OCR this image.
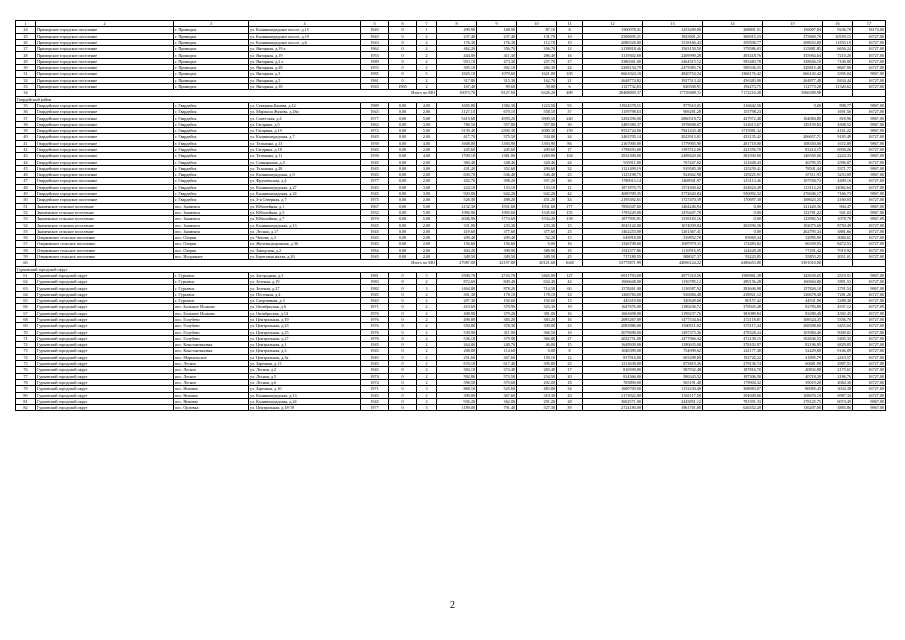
1	2	3	4	5	6	7	8	9	10	11	12	13	14	15	16	17
24	Приморское городское поселение	г. Приморск	ул. Калининградское шоссе, д.15	1945	0	1	299,90	168,90	87,10	8	1560078,41	1253269,06	268801,51	156007,84	9236,70	18174,00
25	Приморское городское поселение	г. Приморск	ул. Калининградское шоссе, д.19	1943	0	2	237,40	237,40	131,70	10	2506695,21	1825601,21	306915,33	375669,78	10559,15	16727,00
26	Приморское городское поселение	г. Приморск	ул. Калининградское шоссе, д.6	1943	0	2	176,30	176,30	112,70	10	2086528,00	1518166,43	359508,77	208652,80	11835,10	16727,00
27	Приморское городское поселение	г. Приморск	ул. Янтарная, д.19 а	1962	0	2	462,20	356,70	356,70	12	2158818,46	1563150,50	379586,03	215881,85	6656,24	16727,00
28	Приморское городское поселение	г. Приморск	ул. Янтарная, д.19	1953	0	2	444,00	411,30	286,40	16	3119302,68	2269999,28	493418,76	355964,64	7210,20	16727,00
29	Приморское городское поселение	г. Приморск	ул. Янтарная, д.2 а	1989	0	2	953,10	473,30	257,70	27	3386561,00	2464315,12	585483,78	338656,10	7100,00	16727,00
30	Приморское городское поселение	г. Приморск	ул. Янтарная, д.28	1955	0	2	395,10	392,10	266,30	24	3298154,79	2475983,76	589336,55	329815,48	8667,96	16727,00
31	Приморское городское поселение	г. Приморск	ул. Янтарная, д.3	1985	0	5	1825,10	1079,60	1621,00	105	6661024,18	4820754,34	1368176,42	666102,42	3395,04	9867,00
32	Приморское городское поселение	г. Приморск	ул. Янтарная, д.5	1961	0	2	317,80	315,30	162,70	21	2648774,82	1927513,42	456383,90	264877,48	8434,44	16727,00
33	Приморское городское поселение	г. Приморск	ул. Янтарная, д.18	1945	1965	2	167,40	99,60	59,80	6	1127732,83	820508,91	194273,75	112773,28	11320,62	16727,00
34	Итого по МО						10073,70	8127,60	6326,20	489	28468009,37	17729489,11	7172210,28	3566309,98		
Гвардейский район																
35	Гвардейское городское поселение	г. Гвардейск	ул. Северная Канава, д.12	1989	0,00	4,00	1605,80	1382,30	1223,50	93	11924578,51	977610,01	216642,56	0,00	898,77	9867,00
36	Гвардейское городское поселение	г. Гвардейск	ул. Маршала Жукова, д.26а	1945	0,00	2,00	1127,10	679,10	558,10	37	1159798,63	969281,28	155798,23		1691,56	16727,00
37	Гвардейское городское поселение	г. Гвардейск	ул. Советская, д.4	1977	0,00	5,00	5419,60	4959,20	3909,50	240	3292396,00	2860518,72	427972,48	164084,80	818,96	9867,00
38	Гвардейское городское поселение	г. Гвардейск	ул. Гагарина, д.5	1962	0,00	3,00	786,50	557,80	557,80	30	2485380,37	1978608,07	312613,67	129159,83	4308,52	9867,00
39	Гвардейское городское поселение	г. Гвардейск	ул. Гагарина, д.19	1972	0,00	5,00	3139,40	2390,30	2000,30	159	9552724,00	7841433,48	1715981,32		4161,22	9867,00
40	Гвардейское городское поселение	г. Гвардейск	ул. Калининградская, д.7	1945	0,00	2,00	417,70	375,50	334,00	24	2463705,14	2023913,01	433135,42	206657,71	9183,49	16727,00
41	Гвардейское городское поселение	г. Гвардейск	ул. Тельмана, д.13	1939	0,00	4,00	1608,00	1393,90	1393,90	86	2167000,00	1779905,90	281718,00	108350,00	1672,00	9867,00
42	Гвардейское городское поселение	г. Гвардейск	ул. Гагарина, д.18	1945	0,00	2,00	245,60	245,60	209,60	17	1798293,00	1397512,06	221556,70	83214,15	6930,26	16727,00
43	Гвардейское городское поселение	г. Гвардейск	ул. Тельмана, д.11	1939	0,00	4,00	1709,10	1381,80	1269,80	104	2932300,00	2408420,00	381030,00	146550,00	2224,33	9867,00
44	Гвардейское городское поселение	г. Гвардейск	ул. Совнаркома, д.5	1945	0,00	2,00	360,40	348,40	320,40	24	935911,00	767447,02	121648,43	46795,55	2596,87	16727,00
45	Гвардейское городское поселение	г. Гвардейск	ул. Тельмана, д.28	1945	0,00	3,00	431,20	352,60	290,60	32	1121499,19	919585,38	125259,41	78501,44	3371,77	9867,00
46	Гвардейское городское поселение	г. Гвардейск	ул. Калининградская, д.9	1945	0,00	2,00	630,70	546,40	546,40	23	1123198,75	922662,98	129225,91	67511,93	3253,00	9867,00
47	Гвардейское городское поселение	г. Гвардейск	ул. Фрунзенская, д.4	1977	0,00	2,00	452,70	398,20	357,20	26	1780013,14	1468941,97	215113,46	107556,73	4490,16	16727,00
48	Гвардейское городское поселение	г. Гвардейск	ул. Калининградская, д.27	1945	0,00	3,00	224,10	133,10	133,10	11	1871870,75	1574394,62	224624,49	113112,24	14062,64	16727,00
49	Гвардейское городское поселение	г. Гвардейск	ул. Калининградская, д.24	1945	0,00	3,00	920,80	642,20	642,20	42	4690709,35	3772620,84	550092,32	276046,17	7166,73	9867,00
50	Гвардейское городское поселение	г. Гвардейск	ул. 3-я Северная, д.7	1975	0,00	2,00	526,30	498,20	451,20	34	2195392,61	1727470,39	170697,30	108623,35	2160,03	16727,00
51	Знаменское сельское поселение	пос. Знаменск	ул. Юбилейная, д.1	1967	0,00	5,00	2132,30	1931,60	1931,60	177	7856547,60	1464246,94	0,00	321420,36	904,47	9867,00
52	Знаменское сельское поселение	пос. Знаменск	ул. Юбилейная, д.5	1932	0,00	5,00	1996,96	1995,60	1545,60	155	1793229,00	1476447,78	0,00	122781,22	941,03	9867,00
53	Знаменское сельское поселение	пос. Знаменск	ул. Юбилейная, д.7	1970	0,00	5,00	2046,90	1774,60	1534,20	139	1877995,91	1539183,16	0,00	123992,54	1078,79	9867,00
54	Знаменское сельское поселение	пос. Знаменск	ул. Калининградская, д.13	1945	0,00	2,00	331,00	233,30	233,30	15	2043122,00	1674039,84	263596,56	102075,60	8750,49	16727,00
55	Знаменское сельское поселение	пос. Знаменск	ул. Лесная, д.17	1945	0,00	2,00	419,60	377,60	377,60	25	1462253,00	1201367,41	0,00	262795,34	3881,66	16727,00
56	Озерковское сельское поселение	пос. Озерки	ул. Чехова, д.3	1945	0,00	2,00	209,40	209,40	52,20	15	649918,00	529852,78	83969,34	32995,90	3084,61	16727,00
57	Озерковское сельское поселение	пос. Озерки	ул. Железнодорожная, д.36	1945	0,00	2,00	156,60	156,60	0,00	16	1326798,60	1087979,11	172483,82	66339,93	8472,53	16727,00
58	Озерковское сельское поселение	пос. Озерки	ул. Заводская, д.2	1964	0,00	2,00	404,20	398,90	388,90	16	1542377,86	1110916,95	124428,28	77291,42	7019,92	16727,00
59	Озерковское сельское поселение	пос. Исправное	ул. Береговая малая, д.20	1945	0,00	2,00	349,50	349,50	349,50	25	717180,55	588027,37	93223,85	35853,25	2051,01	16727,00
60	Итого по МО						27987,00	22197,80	20121,60	1648	53775871,99	44096124,22	6286653,80	3391010,80		
Гурьевский городской округ																
61	Гурьевский городской округ	г. Гурьевск	ул. Загородная, д.3	1981	0	5	3390,70	2743,70	3465,00	127	6911793,00	4977210,56	1589961,39	345639,65	2519,51	9867,00
62	Гурьевский городской округ	г. Гурьевск	ул. Зеленая, д.19	1983	0	2	872,60	849,40	632,40	42	1606648,00	1156785,12	289156,28	160664,80	1891,53	16727,00
63	Гурьевский городской округ	г. Гурьевск	ул. Зеленая, д.27	1982	0	3	1464,80	878,20	714,50	60	1578261,00	1136587,92	283646,98	157826,10	1791,54	9867,00
64	Гурьевский городской округ	г. Гурьевск	ул. Песочная, д.4	1945	0	2	301,30	178,10	178,10	14	1266784,00	926084,48	238921,12	126678,40	7281,26	16727,00
65	Гурьевский городской округ	г. Гурьевск	ул. Спортивная, д.3	1943	0	2	207,30	194,60	194,60	13	445319,00	320629,68	80157,42	44531,90	2288,38	16727,00
66	Гурьевский городской округ	пос. Большое Исаково	ул. Октябрьская, д.6	1971	0	2	410,60	379,90	323,30	19	1647676,00	1186236,72	376945,48	82783,80	4337,12	16727,00
67	Гурьевский городской округ	пос. Большое Исаково	ул. Октябрьская, д.14	1976	0	2	408,90	379,20	381,00	16	1663698,00	1198237,76	383089,84	83280,40	4392,45	16727,00
68	Гурьевский городской округ	пос. Голубево	ул. Центральная, д.19	1976	0	2	496,00	383,20	383,20	16	2085267,00	1477534,64	472118,81	108324,35	5356,70	16727,00
69	Гурьевский городской округ	пос. Голубево	ул. Центральная, д.23	1976	0	2	550,80	378,30	339,00	23	2083986,00	1500511,92	375117,44	208398,60	5455,04	16727,00
70	Гурьевский городской округ	пос. Голубево	ул. Центральная, д.25	1976	0	2	539,90	411,90	366,50	16	2079698,00	1497375,36	478328,24	103984,40	5049,01	16727,00
71	Гурьевский городской округ	пос. Голубево	ул. Центральная, д.27	1976	0	2	536,10	379,90	366,80	27	2032751,00	1477966,32	472139,15	102636,55	5405,33	16727,00
72	Гурьевский городской округ	пос. Константиновка	ул. Центральная, д.1	1945	0	2	264,00	240,70	46,00	15	1649939,00	1180635,08	378103,97	82196,95	6829,85	16727,00
73	Гурьевский городской округ	пос. Константиновка	ул. Центральная, д.3	1945	0	2	208,80	114,60	0,00	8	1046399,00	754999,62	241177,48	52429,80	9166,09	16727,00
74	Гурьевский городской округ	пос. Марьяльское	ул. Центральная, д.3а	1945	0	2	251,60	367,60	150,10	12	837916,00	603298,08	192720,22	41895,79	2410,57	16727,00
75	Гурьевский городской округ	пос. Лесное	ул. Заречная, д.13	1945	0	2	670,10	617,40	395,80	25	1213638,00	873819,36	279136,74	60681,90	2907,51	16727,00
76	Гурьевский городской округ	пос. Лесное	ул. Лесная, д.2	1945	0	2	394,10	374,40	283,40	17	816590,00	587932,48	187816,70	40832,80	2175,61	16727,00
77	Гурьевский городской округ	пос. Лесное	ул. Лесная, д.5	1974	0	2	592,80	573,50	234,50	20	814366,00	586343,52	187306,58	40718,30	2186,76	16727,00
78	Гурьевский городской округ	пос. Лесное	ул. Лесная, д.6	1974	0	2	598,50	379,60	292,00	18	783890,00	565191,48	179904,32	39019,20	2064,36	16727,00
79	Гурьевский городской округ	пос. Низовье	ул. Заречная, д.10	1971	0	3	868,10	525,60	483,80	34	1600709,00	1152230,48	368083,07	80085,45	3034,38	16727,00
80	Гурьевский городской округ	пос. Низовье	ул. Калининградская, д.13	1945	0	2	390,00	367,60	319,30	20	2173022,00	1561117,58	394049,66	108676,10	6987,34	16727,00
81	Гурьевский городской округ	пос. Низовье	ул. Калининградская, д.24	1945	0	2	936,20	362,00	291,20	28	3602571,00	2445851,12	781591,33	178125,75	6074,49	9867,00
82	Гурьевский городской округ	пос. Орловка	ул. Центральная, д.18-19	1977	0	3	1189,00	791,40	527,30	39	2724180,00	1961701,80	626552,20	136207,00	3883,86	9867,00
2
